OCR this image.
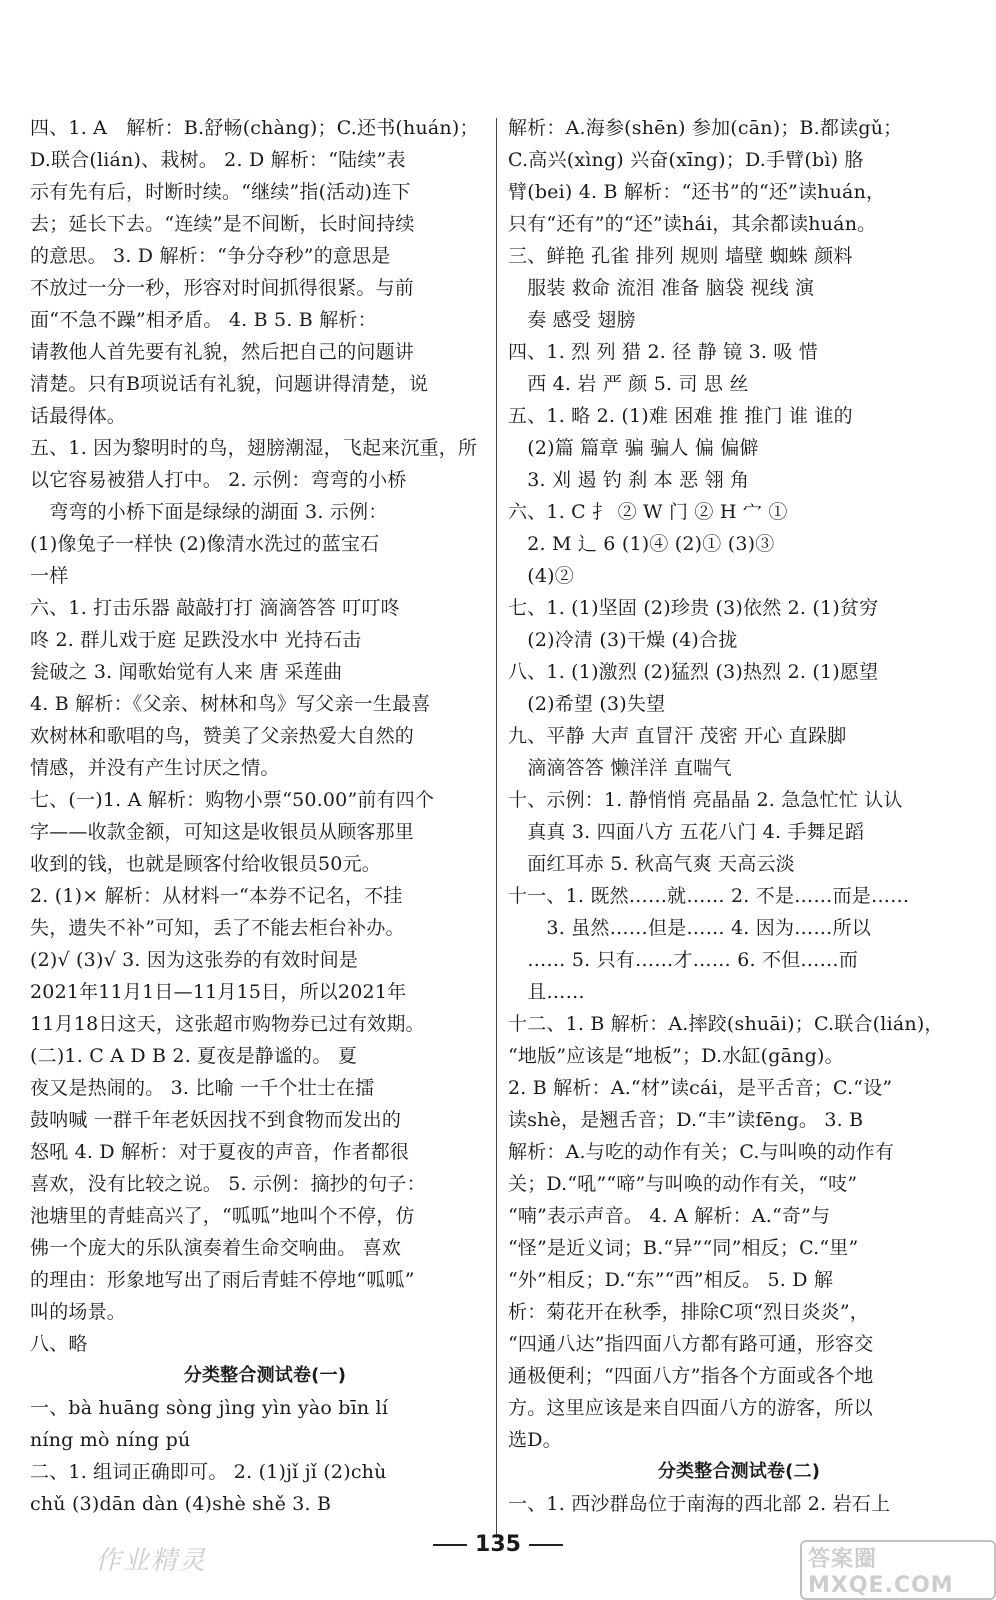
四、1. A　解析：B.舒畅(chàng)；C.还书(huán)；
D.联合(lián)、栽树。 2. D 解析：“陆续”表
示有先有后，时断时续。“继续”指(活动)连下
去；延长下去。“连续”是不间断，长时间持续
的意思。 3. D 解析：“争分夺秒”的意思是
不放过一分一秒，形容对时间抓得很紧。与前
面“不急不躁”相矛盾。 4. B 5. B 解析：
请教他人首先要有礼貌，然后把自己的问题讲
清楚。只有B项说话有礼貌，问题讲得清楚，说
话最得体。
五、1. 因为黎明时的鸟，翅膀潮湿，飞起来沉重，所
以它容易被猎人打中。 2. 示例：弯弯的小桥
　弯弯的小桥下面是绿绿的湖面 3. 示例：
(1)像兔子一样快 (2)像清水洗过的蓝宝石
一样
六、1. 打击乐器 敲敲打打 滴滴答答 叮叮咚
咚 2. 群儿戏于庭 足跌没水中 光持石击
瓮破之 3. 闻歌始觉有人来 唐 采莲曲
4. B 解析：《父亲、树林和鸟》写父亲一生最喜
欢树林和歌唱的鸟，赞美了父亲热爱大自然的
情感，并没有产生讨厌之情。
七、(一)1. A 解析：购物小票“50.00”前有四个
字——收款金额，可知这是收银员从顾客那里
收到的钱，也就是顾客付给收银员50元。
2. (1)× 解析：从材料一“本券不记名，不挂
失，遗失不补”可知，丢了不能去柜台补办。
(2)√ (3)√ 3. 因为这张券的有效时间是
2021年11月1日—11月15日，所以2021年
11月18日这天，这张超市购物券已过有效期。
(二)1. C A D B 2. 夏夜是静谧的。 夏
夜又是热闹的。 3. 比喻 一千个壮士在擂
鼓呐喊 一群千年老妖因找不到食物而发出的
怒吼 4. D 解析：对于夏夜的声音，作者都很
喜欢，没有比较之说。 5. 示例：摘抄的句子：
池塘里的青蛙高兴了，“呱呱”地叫个不停，仿
佛一个庞大的乐队演奏着生命交响曲。 喜欢
的理由：形象地写出了雨后青蛙不停地“呱呱”
叫的场景。
八、略
分类整合测试卷(一)
一、bà huāng sòng jìng yìn yào bīn lí
níng mò níng pú
二、1. 组词正确即可。 2. (1)jǐ jǐ (2)chù
chǔ (3)dān dàn (4)shè shě 3. B
解析：A.海参(shēn) 参加(cān)；B.都读gǔ；
C.高兴(xìng) 兴奋(xīng)；D.手臂(bì) 胳
臂(bei) 4. B 解析：“还书”的“还”读huán，
只有“还有”的“还”读hái，其余都读huán。
三、鲜艳 孔雀 排列 规则 墙壁 蜘蛛 颜料
　服装 救命 流泪 准备 脑袋 视线 演
　奏 感受 翅膀
四、1. 烈 列 猎 2. 径 静 镜 3. 吸 惜
　西 4. 岩 严 颜 5. 司 思 丝
五、1. 略 2. (1)难 困难 推 推门 谁 谁的
　(2)篇 篇章 骗 骗人 偏 偏僻
　3. 刈 遏 钓 刹 本 恶 翎 角
六、1. C 扌 ② W 门 ② H 宀 ①
　2. M 辶 6 (1)④ (2)① (3)③
　(4)②
七、1. (1)坚固 (2)珍贵 (3)依然 2. (1)贫穷
　(2)冷清 (3)干燥 (4)合拢
八、1. (1)激烈 (2)猛烈 (3)热烈 2. (1)愿望
　(2)希望 (3)失望
九、平静 大声 直冒汗 茂密 开心 直跺脚
　滴滴答答 懒洋洋 直喘气
十、示例：1. 静悄悄 亮晶晶 2. 急急忙忙 认认
　真真 3. 四面八方 五花八门 4. 手舞足蹈
　面红耳赤 5. 秋高气爽 天高云淡
十一、1. 既然……就…… 2. 不是……而是……
　　3. 虽然……但是…… 4. 因为……所以
　…… 5. 只有……才…… 6. 不但……而
　且……
十二、1. B 解析：A.摔跤(shuāi)；C.联合(lián)，
“地版”应该是“地板”；D.水缸(gāng)。
2. B 解析：A.“材”读cái，是平舌音；C.“设”
读shè，是翘舌音；D.“丰”读fēng。 3. B
解析：A.与吃的动作有关；C.与叫唤的动作有
关；D.“吼”“啼”与叫唤的动作有关，“吱”
“喃”表示声音。 4. A 解析：A.“奇”与
“怪”是近义词；B.“异”“同”相反；C.“里”
“外”相反；D.“东”“西”相反。 5. D 解
析：菊花开在秋季，排除C项“烈日炎炎”，
“四通八达”指四面八方都有路可通，形容交
通极便利；“四面八方”指各个方面或各个地
方。这里应该是来自四面八方的游客，所以
选D。
分类整合测试卷(二)
一、1. 西沙群岛位于南海的西北部 2. 岩石上
135
作业精灵	答案圈 MXQE.COM
